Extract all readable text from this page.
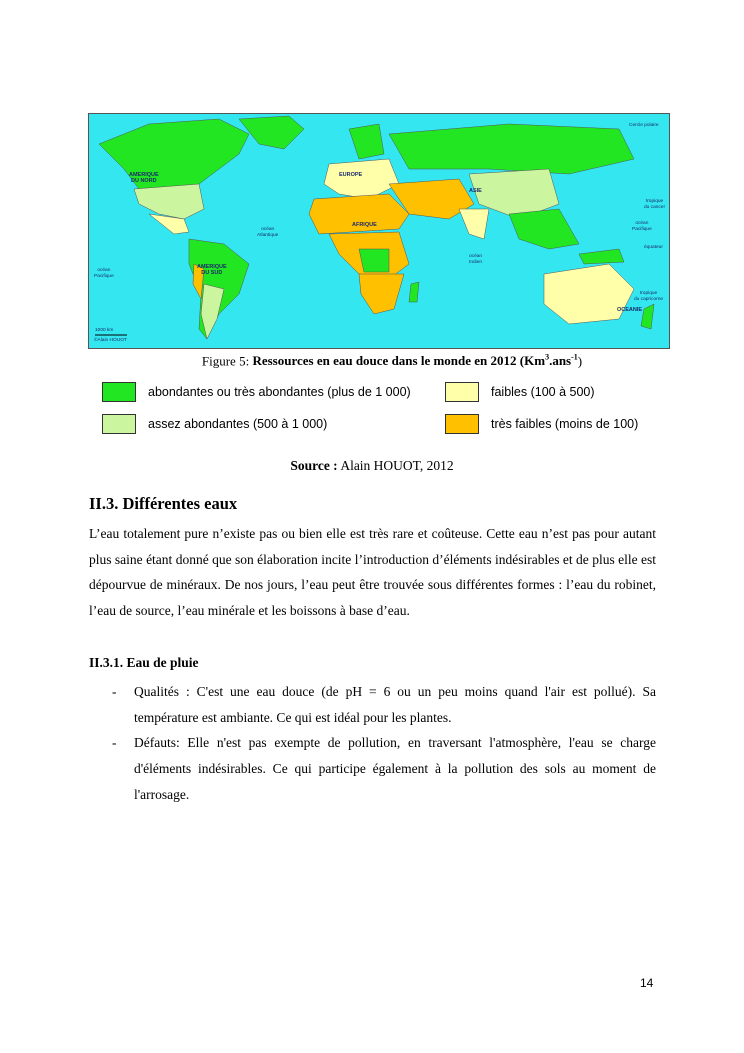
AMERIQUE
DU NORD
EUROPE
ASIE
AFRIQUE
AMERIQUE
DU SUD
OCEANIE
océan
Atlantique
océan
Indien
océan
Pacifique
océan
Pacifique
Cercle polaire
tropique
du cancer
équateur
tropique
du capricorne
1000 km
©Alain HOUOT
Figure 5: Ressources en eau douce dans le monde en 2012 (Km$^3$.ans$^{-1}$)
abondantes ou très abondantes (plus de 1 000)
assez abondantes (500 à 1 000)
faibles (100 à 500)
très faibles (moins de 100)
Source : Alain HOUOT, 2012
II.3. Différentes eaux

L’eau totalement pure n’existe pas ou bien elle est très rare et coûteuse. Cette eau n’est pas pour autant plus saine étant donné que son élaboration incite l’introduction d’éléments indésirables et de plus elle est dépourvue de minéraux. De nos jours, l’eau peut être trouvée sous différentes formes : l’eau du robinet, l’eau de source, l’eau minérale et les boissons à base d’eau.

II.3.1. Eau de pluie
- Qualités : C'est une eau douce (de pH = 6 ou un peu moins quand l'air est pollué). Sa température est ambiante. Ce qui est idéal pour les plantes.
- Défauts: Elle n'est pas exempte de pollution, en traversant l'atmosphère, l'eau se charge d'éléments indésirables. Ce qui participe également à la pollution des sols au moment de l'arrosage.
14
